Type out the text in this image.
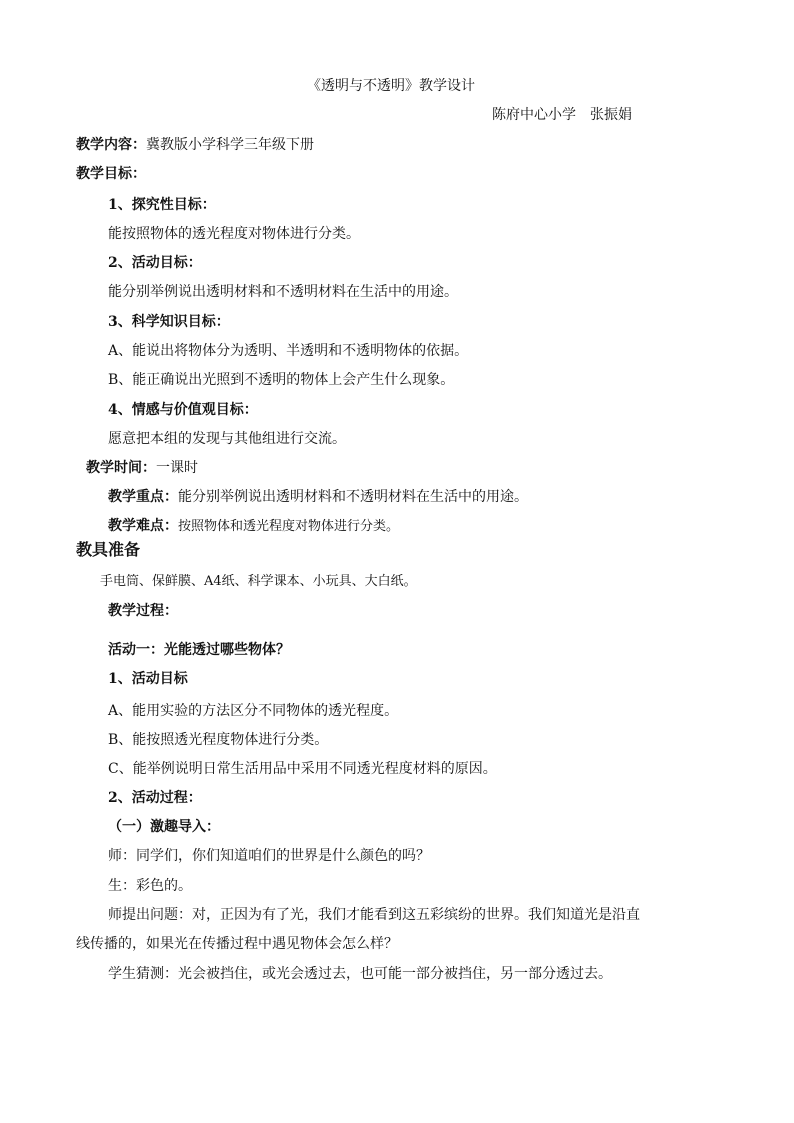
《透明与不透明》教学设计
陈府中心小学　张振娟
教学内容：冀教版小学科学三年级下册
教学目标：
1、探究性目标：
能按照物体的透光程度对物体进行分类。
2、活动目标：
能分别举例说出透明材料和不透明材料在生活中的用途。
3、科学知识目标：
A、能说出将物体分为透明、半透明和不透明物体的依据。
B、能正确说出光照到不透明的物体上会产生什么现象。
4、情感与价值观目标：
愿意把本组的发现与其他组进行交流。
教学时间：一课时
教学重点：能分别举例说出透明材料和不透明材料在生活中的用途。
教学难点：按照物体和透光程度对物体进行分类。
教具准备
手电筒、保鲜膜、A4纸、科学课本、小玩具、大白纸。
教学过程：
活动一：光能透过哪些物体？
1、活动目标
A、能用实验的方法区分不同物体的透光程度。
B、能按照透光程度物体进行分类。
C、能举例说明日常生活用品中采用不同透光程度材料的原因。
2、活动过程：
（一）激趣导入：
师：同学们，你们知道咱们的世界是什么颜色的吗？
生：彩色的。
师提出问题：对，正因为有了光，我们才能看到这五彩缤纷的世界。我们知道光是沿直
线传播的，如果光在传播过程中遇见物体会怎么样？
学生猜测：光会被挡住，或光会透过去，也可能一部分被挡住，另一部分透过去。
